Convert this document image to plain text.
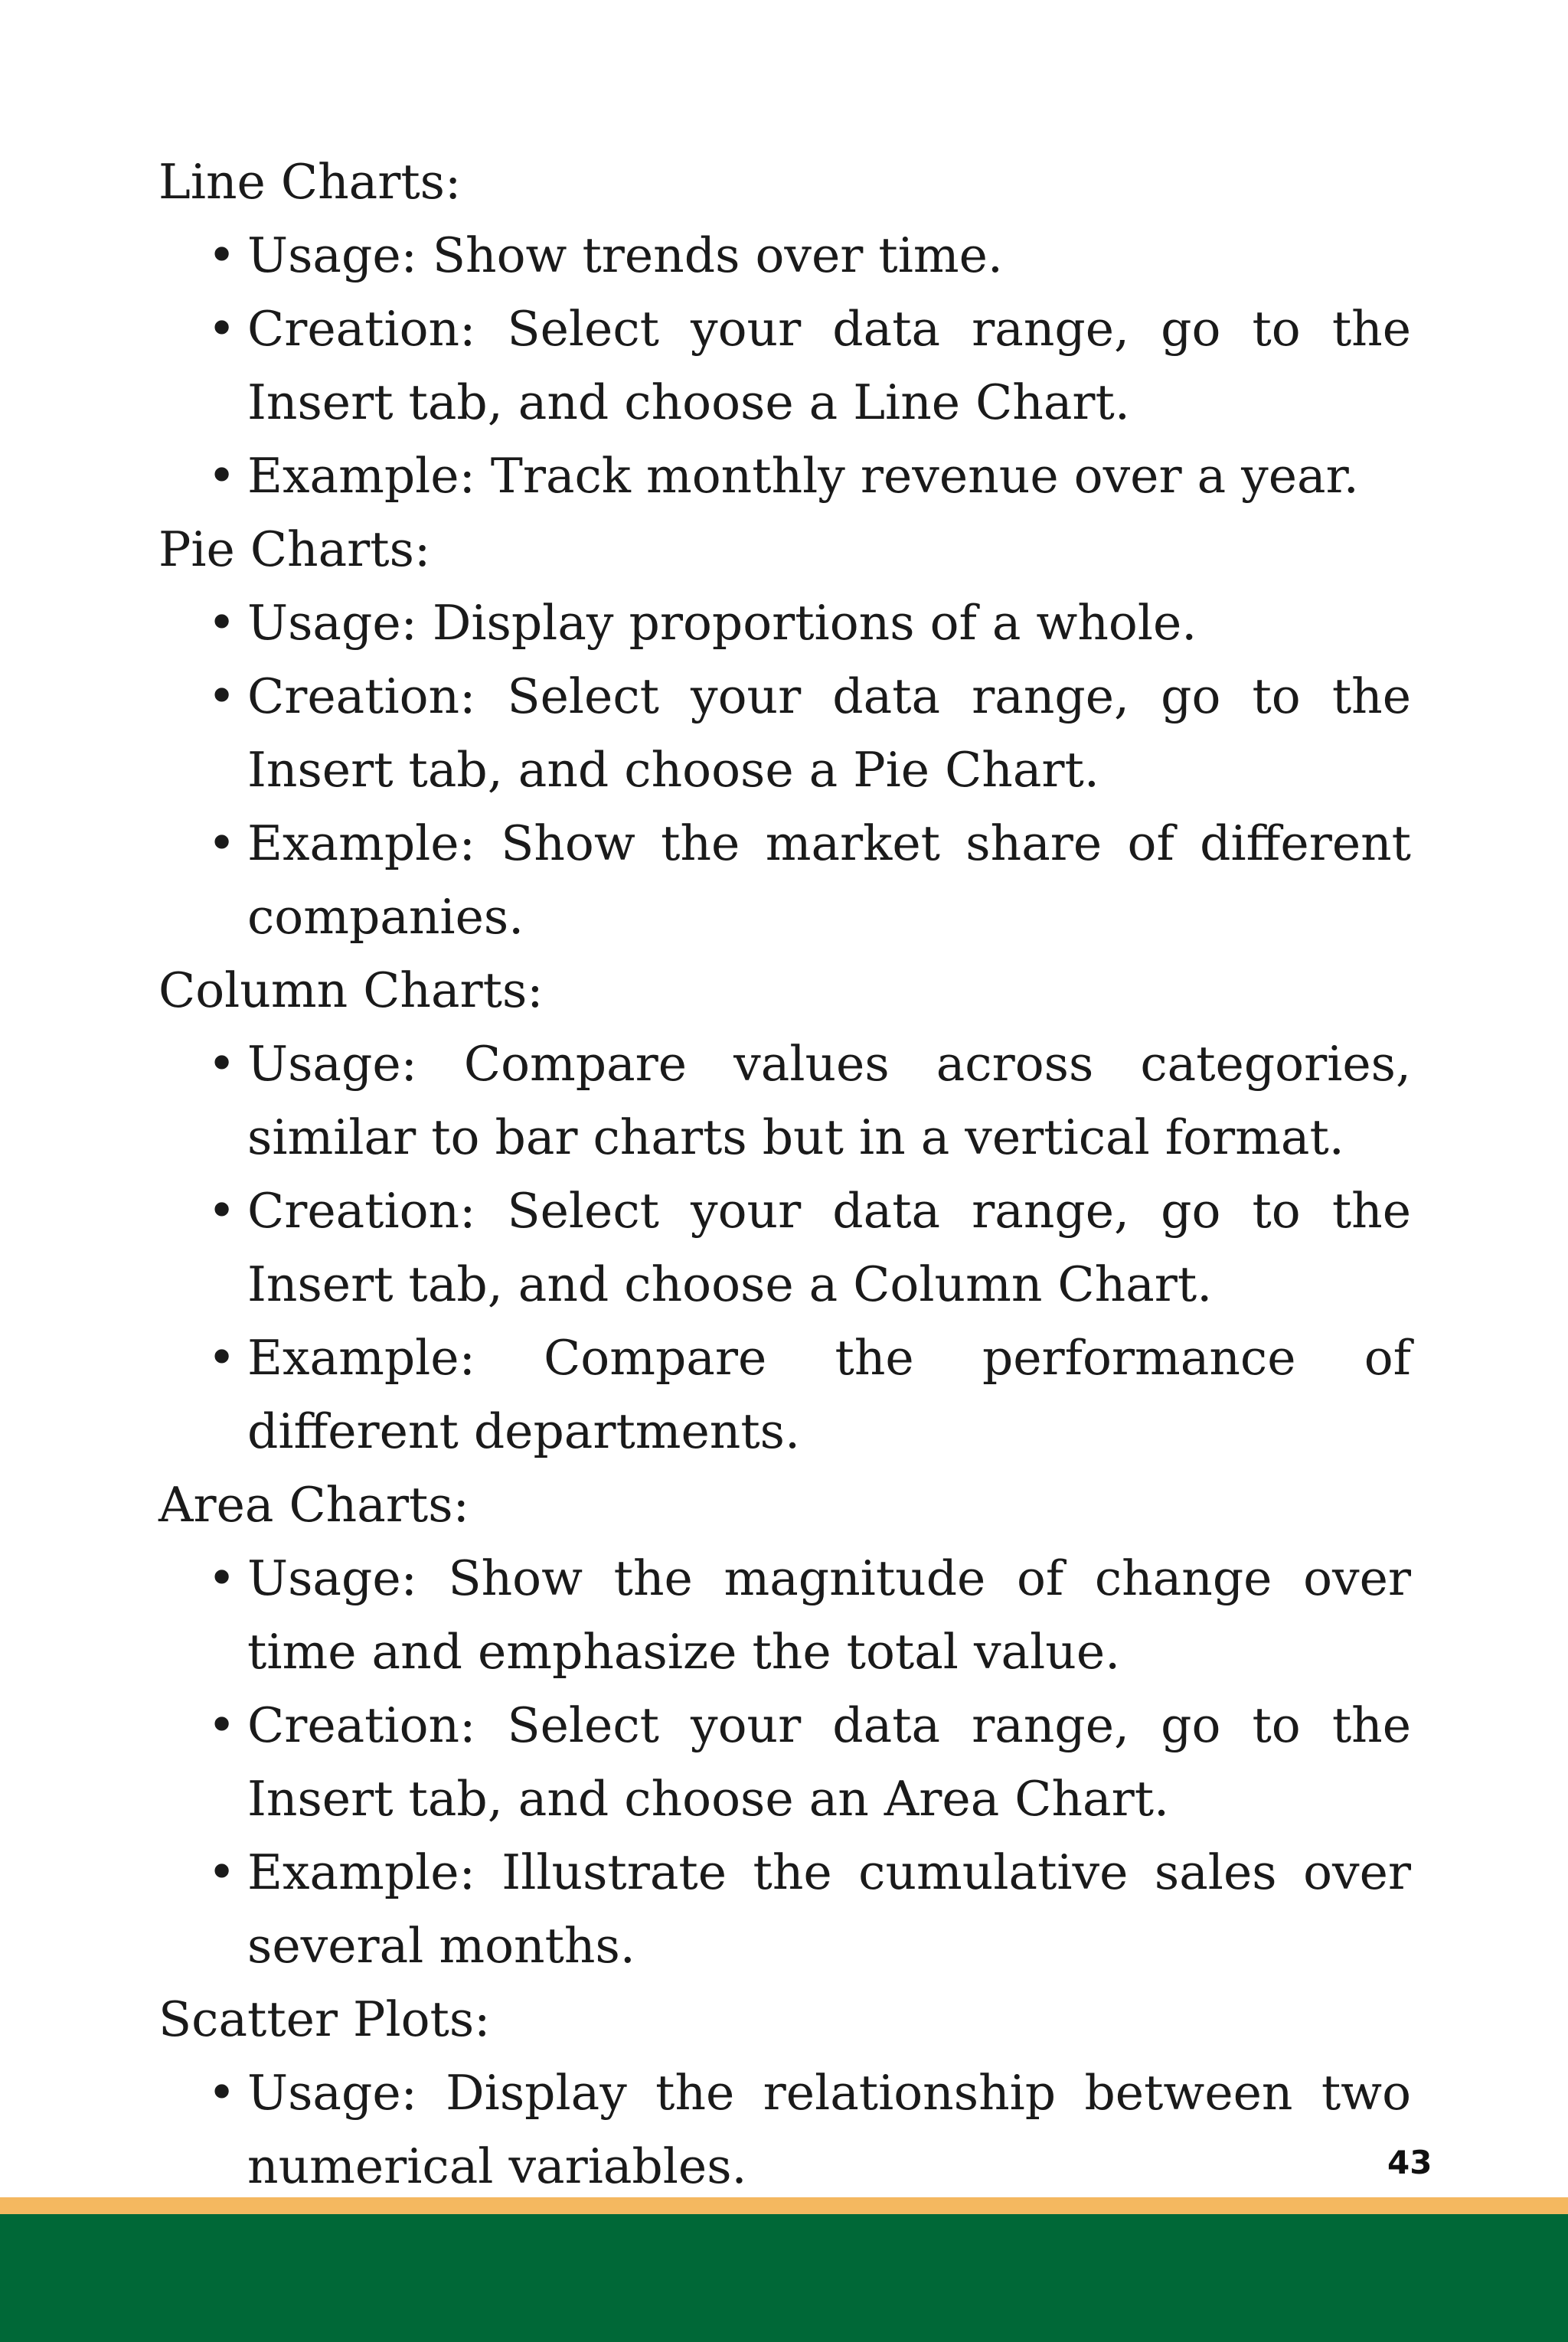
Line Charts:

• Usage: Show trends over time.
• Creation: Select your data range, go to the Insert tab, and choose a Line Chart.
• Example: Track monthly revenue over a year.

Pie Charts:

• Usage: Display proportions of a whole.
• Creation: Select your data range, go to the Insert tab, and choose a Pie Chart.
• Example: Show the market share of different companies.

Column Charts:

• Usage: Compare values across categories, similar to bar charts but in a vertical format.
• Creation: Select your data range, go to the Insert tab, and choose a Column Chart.
• Example: Compare the performance of different departments.

Area Charts:

• Usage: Show the magnitude of change over time and emphasize the total value.
• Creation: Select your data range, go to the Insert tab, and choose an Area Chart.
• Example: Illustrate the cumulative sales over several months.

Scatter Plots:

• Usage: Display the relationship between two numerical variables.	43
